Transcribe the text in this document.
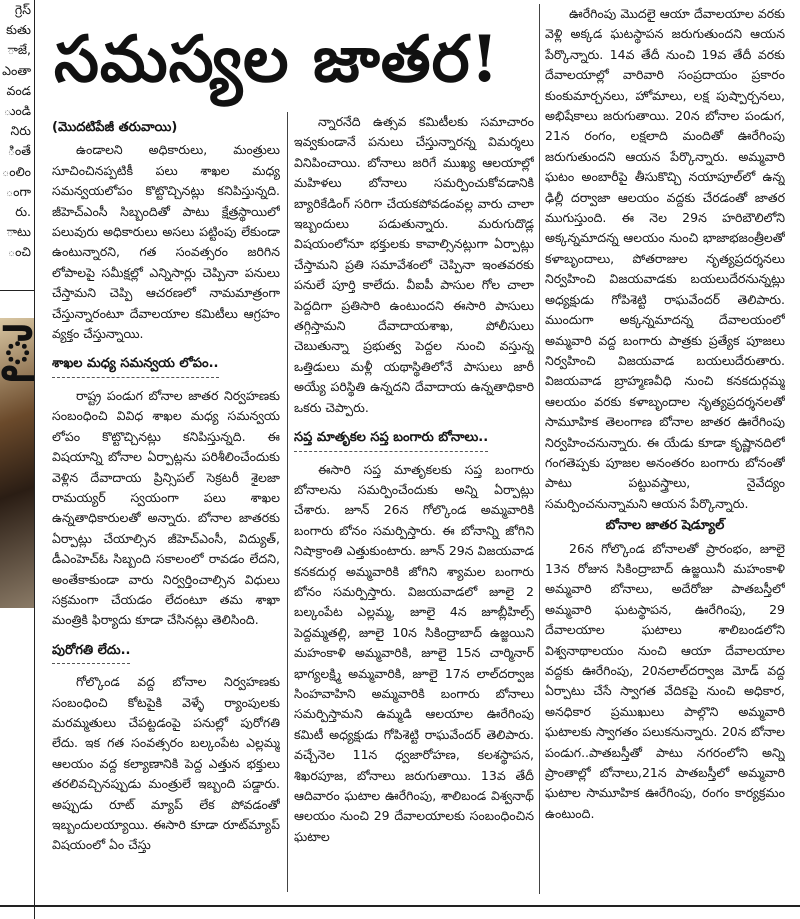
గ్రెస్
కుతు
ాజే,
ఎంతా
వండ
ుండి
నిరు
ింతే
ంలిం
ంగా
రు.
ాటు
ంచి
ై
సమస్యల జాతర!

(మొదటిపేజీ తరువాయి)

ఉండాలని అధికారులు, మంత్రులు సూచించినప్పటికీ పలు శాఖల మధ్య సమన్వయలోపం కొట్టొచ్చినట్లు కనిపిస్తున్నది. జీహెచ్ఎంసీ సిబ్బందితో పాటు క్షేత్రస్థాయిలో పలువురు అధికారులు అసలు పట్టింపు లేకుండా ఉంటున్నారని, గత సంవత్సరం జరిగిన లోపాలపై సమీక్షల్లో ఎన్నిసార్లు చెప్పినా పనులు చేస్తామని చెప్పి ఆచరణలో నామమాత్రంగా చేస్తున్నారంటూ దేవాలయాల కమిటీలు ఆగ్రహం వ్యక్తం చేస్తున్నాయి.

శాఖల మధ్య సమన్వయ లోపం..

రాష్ట్ర పండుగ బోనాల జాతర నిర్వహణకు సంబంధించి వివిధ శాఖల మధ్య సమన్వయ లోపం కొట్టొచ్చినట్లు కనిపిస్తున్నది. ఈ విషయాన్ని బోనాల ఏర్పాట్లను పరిశీలించేందుకు వెళ్లిన దేవాదాయ ప్రిన్సిపల్ సెక్రటరీ శైలజా రామయ్యర్ స్వయంగా పలు శాఖల ఉన్నతాధికారులతో అన్నారు. బోనాల జాతరకు ఏర్పాట్లు చేయాల్సిన జీహెచ్ఎంసీ, విద్యుత్, డీఎంహెచ్ఓ సిబ్బంది సకాలంలో రావడం లేదని, అంతేకాకుండా వారు నిర్వర్తించాల్సిన విధులు సక్రమంగా చేయడం లేదంటూ తమ శాఖా మంత్రికి ఫిర్యాదు కూడా చేసినట్లు తెలిసింది.

పురోగతి లేదు..

గోల్కొండ వద్ద బోనాల నిర్వహణకు సంబంధించి కోటపైకి వెళ్ళే ర్యాంపులకు మరమ్మతులు చేపట్టడంపై పనుల్లో పురోగతి లేదు. ఇక గత సంవత్సరం బల్కంపేట ఎల్లమ్మ ఆలయం వద్ద కల్యాణానికి పెద్ద ఎత్తున భక్తులు తరలివచ్చినప్పుడు మంత్రులే ఇబ్బంది పడ్డారు. అప్పుడు రూట్ మ్యాప్ లేక పోవడంతో ఇబ్బందులయ్యాయి. ఈసారి కూడా రూట్‌మ్యాప్ విషయంలో ఏం చేస్తు

న్నారనేది ఉత్సవ కమిటీలకు సమాచారం ఇవ్వకుండానే పనులు చేస్తున్నారన్న విమర్శలు వినిపించాయి. బోనాలు జరిగే ముఖ్య ఆలయాల్లో మహిళలు బోనాలు సమర్పించుకోవడానికి బ్యారికేడింగ్ సరిగా చేయకపోవడంవల్ల వారు చాలా ఇబ్బందులు పడుతున్నారు. మరుగుదొడ్ల విషయంలోనూ భక్తులకు కావాల్సినట్లుగా ఏర్పాట్లు చేస్తామని ప్రతి సమావేశంలో చెప్పినా ఇంతవరకు పనులే పూర్తి కాలేదు. వీఐపీ పాసుల గోల చాలా పెద్దదిగా ప్రతిసారి ఉంటుందని ఈసారి పాసులు తగ్గిస్తామని దేవాదాయశాఖ, పోలీసులు చెబుతున్నా ప్రభుత్వ పెద్దల నుంచి వస్తున్న ఒత్తిడులు మళ్లీ యథాస్థితిలోనే పాసులు జారీ అయ్యే పరిస్థితి ఉన్నదని దేవాదాయ ఉన్నతాధికారి ఒకరు చెప్పారు.

సప్త మాతృకల సప్త బంగారు బోనాలు..

ఈసారి సప్త మాతృకలకు సప్త బంగారు బోనాలను సమర్పించేందుకు అన్ని ఏర్పాట్లు చేశారు. జూన్ 26న గోల్కొండ అమ్మవారికి బంగారు బోనం సమర్పిస్తారు. ఈ బోనాన్ని జోగిని నిషాక్రాంతి ఎత్తుకుంటారు. జూన్ 29న విజయవాడ కనకదుర్గ అమ్మవారికి జోగిని శ్యామల బంగారు బోనం సమర్పిస్తారు. విజయవాడలో జూలై 2 బల్కంపేట ఎల్లమ్మ, జూలై 4న జూబ్లీహిల్స్ పెద్దమ్మతల్లి, జూలై 10న సికింద్రాబాద్ ఉజ్జయిని మహంకాళి అమ్మవారికి, జూలై 15న చార్మినార్ భాగ్యలక్ష్మి అమ్మవారికి, జూలై 17న లాల్‌దర్వాజ సింహవాహిని అమ్మవారికి బంగారు బోనాలు సమర్పిస్తామని ఉమ్మడి ఆలయాల ఊరేగింపు కమిటీ అధ్యక్షుడు గోపిశెట్టి రాఘవేందర్ తెలిపారు. వచ్చేనెల 11న ధ్వజారోహణ, కలశస్థాపన, శిఖరపూజ, బోనాలు జరుగుతాయి. 13వ తేదీ ఆదివారం ఘటాల ఊరేగింపు, శాలిబండ విశ్వనాథ్ ఆలయం నుంచి 29 దేవాలయాలకు సంబంధించిన ఘటాల

ఊరేగింపు మొదలై ఆయా దేవాలయాల వరకు వెళ్లి అక్కడ ఘటస్థాపన జరుగుతుందని ఆయన పేర్కొన్నారు. 14వ తేదీ నుంచి 19వ తేదీ వరకు దేవాలయాల్లో వారివారి సంప్రదాయం ప్రకారం కుంకుమార్చనలు, హోమాలు, లక్ష పుష్పార్చనలు, అభిషేకాలు జరుగుతాయి. 20న బోనాల పండుగ, 21న రంగం, లక్షలాది మందితో ఊరేగింపు జరుగుతుందని ఆయన పేర్కొన్నారు. అమ్మవారి ఘటం అంబారీపై తీసుకొచ్చి నయాపూల్‌లో ఉన్న ఢిల్లీ దర్వాజా ఆలయం వద్దకు చేరడంతో జాతర ముగుస్తుంది. ఈ నెల 29న హరిబౌలిలోని అక్కన్నమాదన్న ఆలయం నుంచి భాజాభజంత్రీలతో కళాబృందాలు, పోతరాజుల నృత్యప్రదర్శనలు నిర్వహించి విజయవాడకు బయలుదేరనున్నట్లు అధ్యక్షుడు గోపిశెట్టి రాఘవేందర్ తెలిపారు. ముందుగా అక్కన్నమాదన్న దేవాలయంలో అమ్మవారి వద్ద బంగారు పాత్రకు ప్రత్యేక పూజలు నిర్వహించి విజయవాడ బయలుదేరుతారు. విజయవాడ బ్రాహ్మణవీధి నుంచి కనకదుర్గమ్మ ఆలయం వరకు కళాబృందాల నృత్యప్రదర్శనలతో సామూహిక తెలంగాణ బోనాల జాతర ఊరేగింపు నిర్వహించనున్నారు. ఈ యేడు కూడా కృష్ణానదిలో గంగతెప్పకు పూజల అనంతరం బంగారు బోనంతో పాటు పట్టువస్త్రాలు, నైవేద్యం సమర్పించనున్నామని ఆయన పేర్కొన్నారు.

బోనాల జాతర షెడ్యూల్

26న గోల్కొండ బోనాలతో ప్రారంభం, జూలై 13న రోజున సికింద్రాబాద్ ఉజ్జయినీ మహంకాళి అమ్మవారి బోనాలు, అదేరోజు పాతబస్తీలో అమ్మవారి ఘటస్థాపన, ఊరేగింపు, 29 దేవాలయాల ఘటాలు శాలిబండలోని విశ్వనాథాలయం నుంచి ఆయా దేవాలయాల వద్దకు ఊరేగింపు, 20నలాల్‌దర్వాజ మోడ్ వద్ద ఏర్పాటు చేసే స్వాగత వేదికపై నుంచి అధికార, అనధికార ప్రముఖులు పాల్గొని అమ్మవారి ఘటాలకు స్వాగతం పలుకనున్నారు. 20న బోనాల పండుగ..పాతబస్తీతో పాటు నగరంలోని అన్ని ప్రాంతాల్లో బోనాలు,21న పాతబస్తీలో అమ్మవారి ఘటాల సామూహిక ఊరేగింపు, రంగం కార్యక్రమం ఉంటుంది.
